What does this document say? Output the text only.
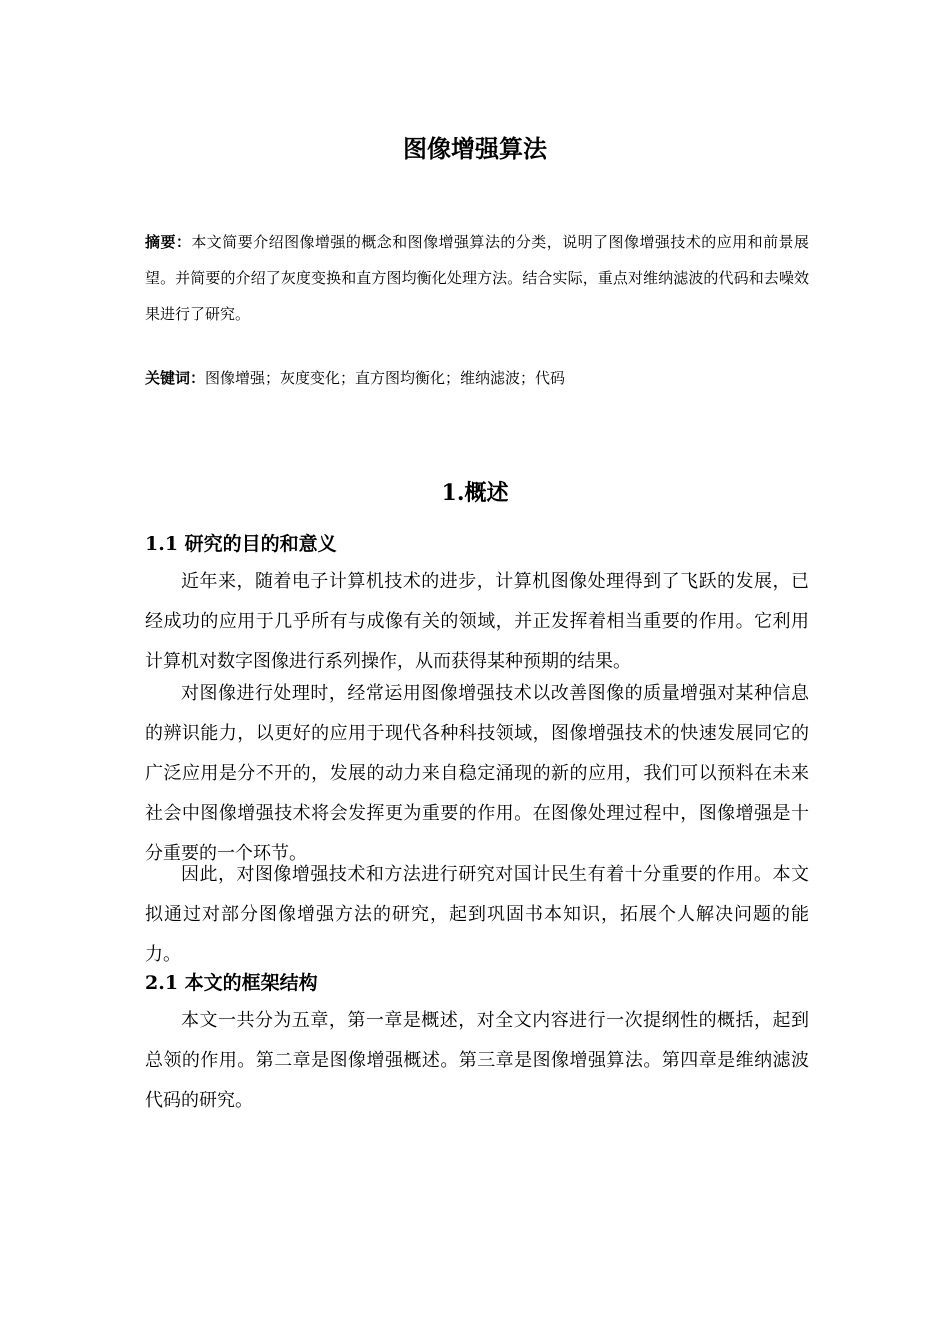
图像增强算法
摘要：本文简要介绍图像增强的概念和图像增强算法的分类，说明了图像增强技术的应用和前景展望。并简要的介绍了灰度变换和直方图均衡化处理方法。结合实际，重点对维纳滤波的代码和去噪效果进行了研究。
关键词：图像增强；灰度变化；直方图均衡化；维纳滤波；代码
1.概述
1.1 研究的目的和意义
近年来，随着电子计算机技术的进步，计算机图像处理得到了飞跃的发展，已经成功的应用于几乎所有与成像有关的领域，并正发挥着相当重要的作用。它利用计算机对数字图像进行系列操作，从而获得某种预期的结果。
对图像进行处理时，经常运用图像增强技术以改善图像的质量增强对某种信息的辨识能力，以更好的应用于现代各种科技领域，图像增强技术的快速发展同它的广泛应用是分不开的，发展的动力来自稳定涌现的新的应用，我们可以预料在未来社会中图像增强技术将会发挥更为重要的作用。在图像处理过程中，图像增强是十分重要的一个环节。
因此，对图像增强技术和方法进行研究对国计民生有着十分重要的作用。本文拟通过对部分图像增强方法的研究，起到巩固书本知识，拓展个人解决问题的能力。
2.1 本文的框架结构
本文一共分为五章，第一章是概述，对全文内容进行一次提纲性的概括，起到总领的作用。第二章是图像增强概述。第三章是图像增强算法。第四章是维纳滤波代码的研究。
